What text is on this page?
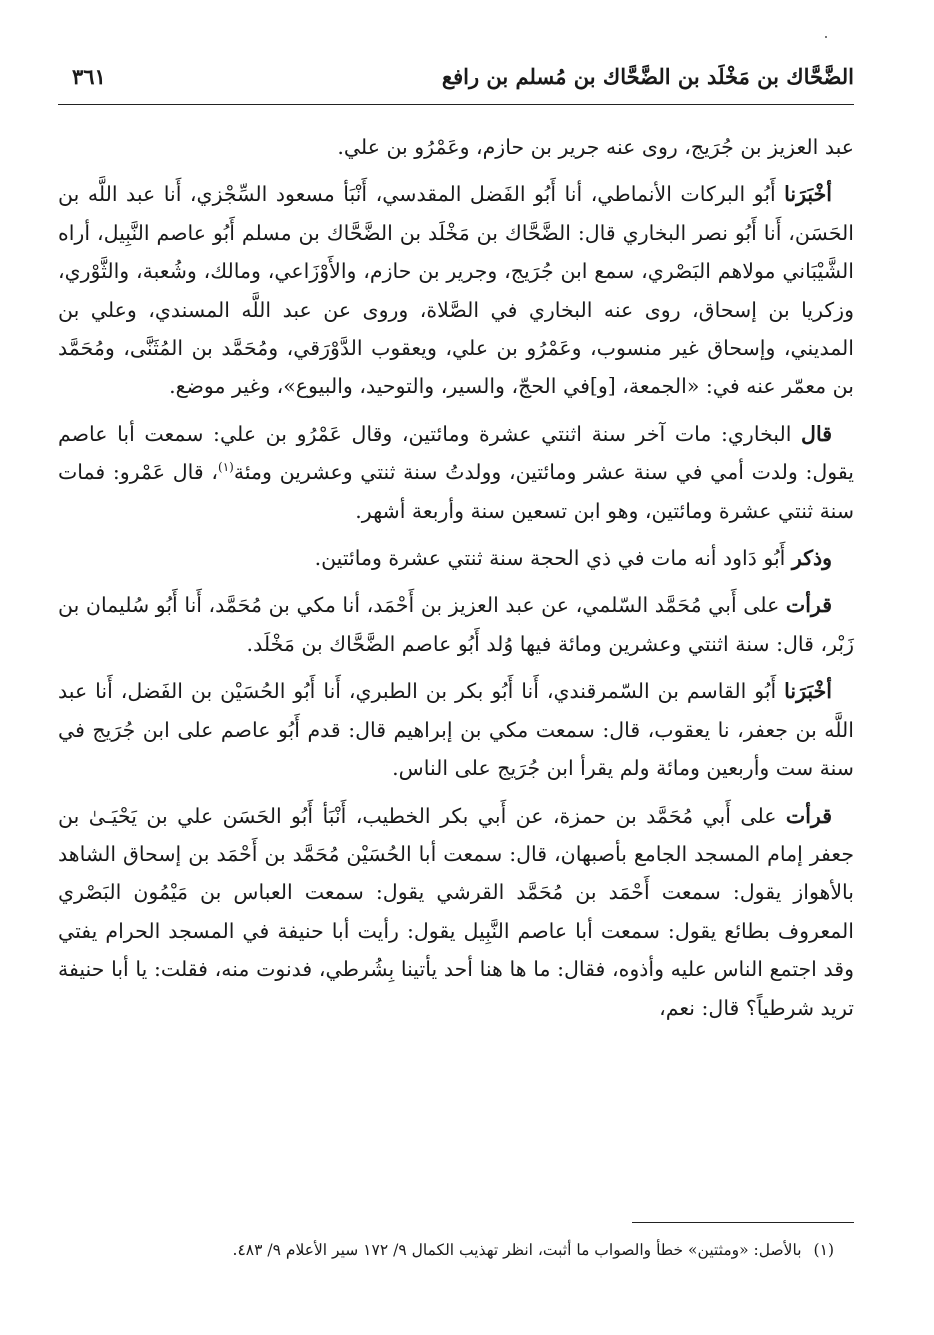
الضَّحَّاك بن مَخْلَد بن الضَّحَّاك بن مُسلم بن رافع
٣٦١

عبد العزيز بن جُرَيج، روى عنه جرير بن حازم، وعَمْرُو بن علي.

أخْبَرَنا أَبُو البركات الأنماطي، أنا أَبُو الفَضل المقدسي، أَنْبَأ مسعود السِّجْزي، أَنا عبد اللَّه بن الحَسَن، أَنا أَبُو نصر البخاري قال: الضَّحَّاك بن مَخْلَد بن الضَّحَّاك بن مسلم أَبُو عاصم النَّبِيل، أراه الشَّيْبَاني مولاهم البَصْري، سمع ابن جُرَيج، وجرير بن حازم، والأَوْزَاعي، ومالك، وشُعبة، والثَّوْري، وزكريا بن إسحاق، روى عنه البخاري في الصَّلاة، وروى عن عبد اللَّه المسندي، وعلي بن المديني، وإسحاق غير منسوب، وعَمْرُو بن علي، ويعقوب الدَّوْرَقي، ومُحَمَّد بن المُثَنَّى، ومُحَمَّد بن معمّر عنه في: «الجمعة، [و]في الحجّ، والسير، والتوحيد، والبيوع»، وغير موضع.

قال البخاري: مات آخر سنة اثنتي عشرة ومائتين، وقال عَمْرُو بن علي: سمعت أبا عاصم يقول: ولدت أمي في سنة عشر ومائتين، وولدتُ سنة ثنتي وعشرين ومئة$^{(١)}$، قال عَمْرو: فمات سنة ثنتي عشرة ومائتين، وهو ابن تسعين سنة وأربعة أشهر.

وذكر أَبُو دَاود أنه مات في ذي الحجة سنة ثنتي عشرة ومائتين.

قرأت على أَبي مُحَمَّد السّلمي، عن عبد العزيز بن أَحْمَد، أنا مكي بن مُحَمَّد، أَنا أَبُو سُليمان بن زَبْر، قال: سنة اثنتي وعشرين ومائة فيها وُلد أَبُو عاصم الضَّحَّاك بن مَخْلَد.

أخْبَرَنا أَبُو القاسم بن السّمرقندي، أَنا أَبُو بكر بن الطبري، أَنا أَبُو الحُسَيْن بن الفَضل، أَنا عبد اللَّه بن جعفر، نا يعقوب، قال: سمعت مكي بن إبراهيم قال: قدم أَبُو عاصم على ابن جُرَيج في سنة ست وأربعين ومائة ولم يقرأ ابن جُرَيج على الناس.

قرأت على أَبي مُحَمَّد بن حمزة، عن أَبي بكر الخطيب، أَنْبَأ أَبُو الحَسَن علي بن يَحْيَـىٰ بن جعفر إمام المسجد الجامع بأصبهان، قال: سمعت أبا الحُسَيْن مُحَمَّد بن أَحْمَد بن إسحاق الشاهد بالأهواز يقول: سمعت أَحْمَد بن مُحَمَّد القرشي يقول: سمعت العباس بن مَيْمُون البَصْري المعروف بطائع يقول: سمعت أبا عاصم النَّبِيل يقول: رأيت أبا حنيفة في المسجد الحرام يفتي وقد اجتمع الناس عليه وأذوه، فقال: ما ها هنا أحد يأتينا بِشُرطي، فدنوت منه، فقلت: يا أبا حنيفة تريد شرطياً؟ قال: نعم،

(١)بالأصل: «ومثتين» خطأ والصواب ما أثبت، انظر تهذيب الكمال ٩/ ١٧٢ سير الأعلام ٩/ ٤٨٣.
